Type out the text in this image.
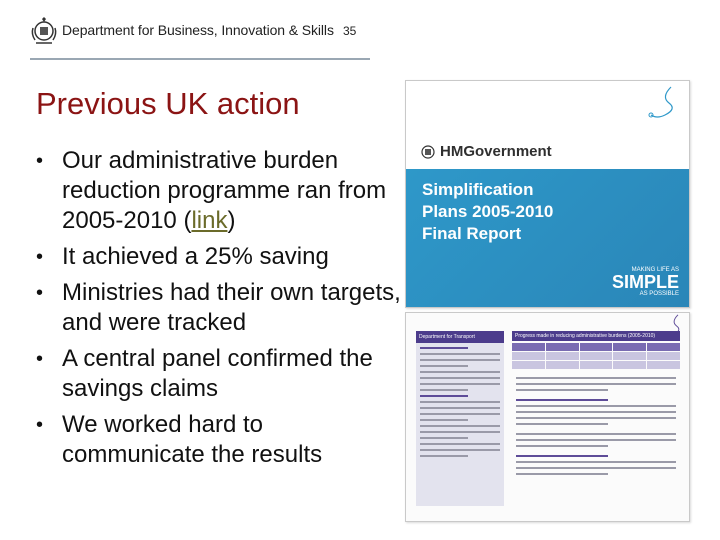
Department for Business, Innovation & Skills 35
Previous UK action
• Our administrative burden reduction programme ran from 2005-2010 (link)
• It achieved a 25% saving
• Ministries had their own targets, and were tracked
• A central panel confirmed the savings claims
• We worked hard to communicate the results
HMGovernment

Simplification
Plans 2005-2010
Final Report

MAKING LIFE AS
SIMPLE
AS POSSIBLE
Department for Transport	Progress made in reducing administrative burdens (2005-2010)
